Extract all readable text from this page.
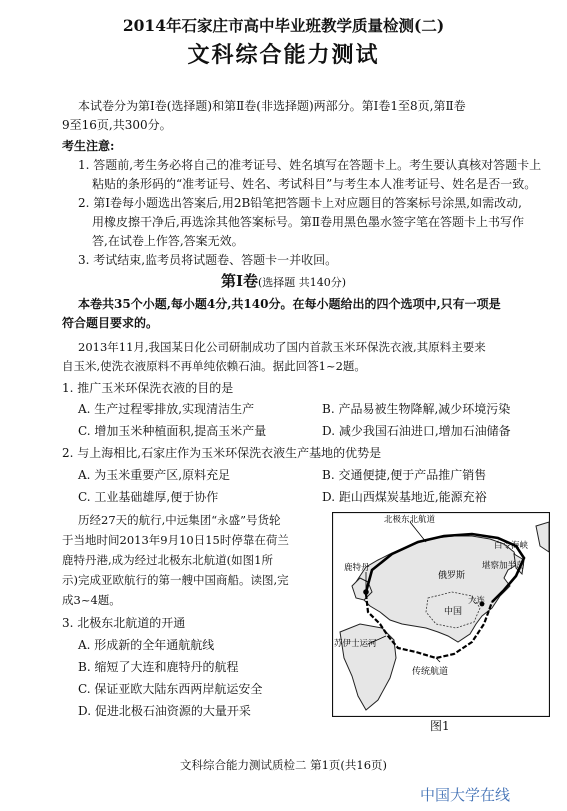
2014年石家庄市高中毕业班教学质量检测(二)
文科综合能力测试
本试卷分为第Ⅰ卷(选择题)和第Ⅱ卷(非选择题)两部分。第Ⅰ卷1至8页,第Ⅱ卷
9至16页,共300分。
考生注意:
1. 答题前,考生务必将自己的准考证号、姓名填写在答题卡上。考生要认真核对答题卡上
粘贴的条形码的“准考证号、姓名、考试科目”与考生本人准考证号、姓名是否一致。
2. 第Ⅰ卷每小题选出答案后,用2B铅笔把答题卡上对应题目的答案标号涂黑,如需改动,
用橡皮擦干净后,再选涂其他答案标号。第Ⅱ卷用黑色墨水签字笔在答题卡上书写作
答,在试卷上作答,答案无效。
3. 考试结束,监考员将试题卷、答题卡一并收回。
第Ⅰ卷(选择题 共140分)
本卷共35个小题,每小题4分,共140分。在每小题给出的四个选项中,只有一项是
符合题目要求的。
2013年11月,我国某日化公司研制成功了国内首款玉米环保洗衣液,其原料主要来
自玉米,使洗衣液原料不再单纯依赖石油。据此回答1~2题。
1. 推广玉米环保洗衣液的目的是
A. 生产过程零排放,实现清洁生产	B. 产品易被生物降解,减少环境污染
C. 增加玉米种植面积,提高玉米产量	D. 减少我国石油进口,增加石油储备
2. 与上海相比,石家庄作为玉米环保洗衣液生产基地的优势是
A. 为玉米重要产区,原料充足	B. 交通便捷,便于产品推广销售
C. 工业基础雄厚,便于协作	D. 距山西煤炭基地近,能源充裕
历经27天的航行,中远集团“永盛”号货轮
于当地时间2013年9月10日15时停靠在荷兰
鹿特丹港,成为经过北极东北航道(如图1所
示)完成亚欧航行的第一艘中国商船。读图,完
成3~4题。
3. 北极东北航道的开通
A. 形成新的全年通航航线
B. 缩短了大连和鹿特丹的航程
C. 保证亚欧大陆东西两岸航运安全
D. 促进北极石油资源的大量开采
北极东北航道
白令海峡
堪察加半岛
俄罗斯
鹿特丹
大连
中国
苏伊士运河
传统航道
图1
文科综合能力测试质检二 第1页(共16页)
中国大学在线
